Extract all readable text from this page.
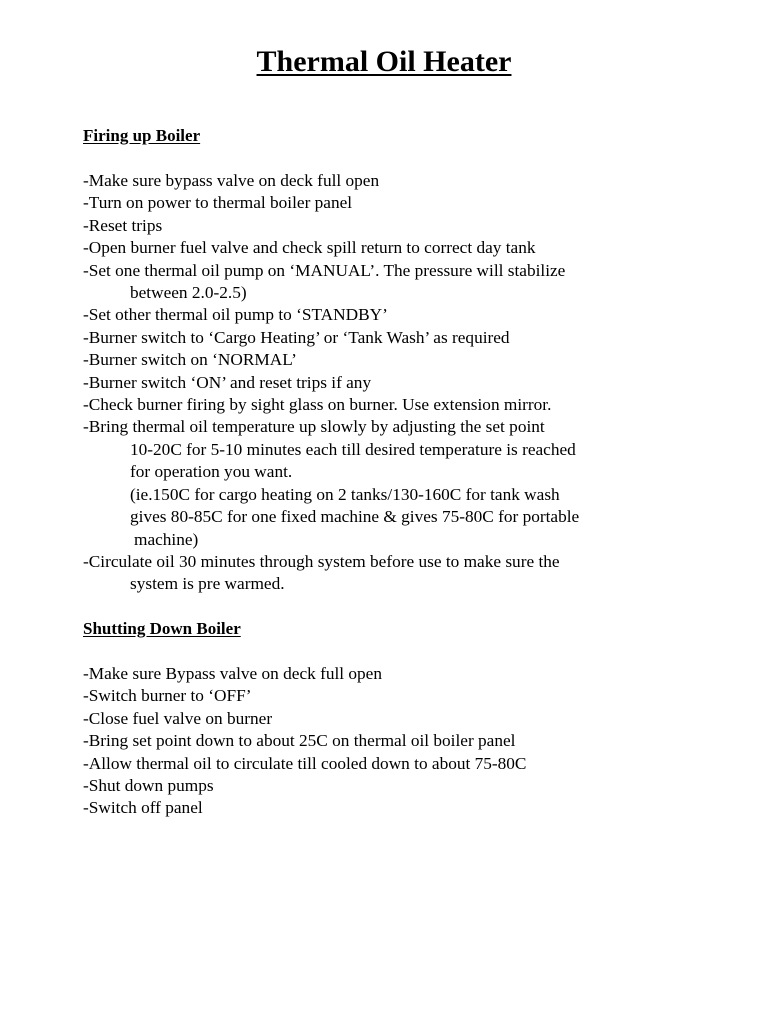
Thermal Oil Heater
Firing up Boiler
-Make sure bypass valve on deck full open
-Turn on power to thermal boiler panel
-Reset trips
-Open burner fuel valve and check spill return to correct day tank
-Set one thermal oil pump on ‘MANUAL’. The pressure will stabilize
between 2.0-2.5)
-Set other thermal oil pump to ‘STANDBY’
-Burner switch to ‘Cargo Heating’ or ‘Tank Wash’ as required
-Burner switch on ‘NORMAL’
-Burner switch ‘ON’ and reset trips if any
-Check burner firing by sight glass on burner. Use extension mirror.
-Bring thermal oil temperature up slowly by adjusting the set point
10-20C for 5-10 minutes each till desired temperature is reached
for operation you want.
(ie.150C for cargo heating on 2 tanks/130-160C for tank wash
gives 80-85C for one fixed machine & gives 75-80C for portable
machine)
-Circulate oil 30 minutes through system before use to make sure the
system is pre warmed.
Shutting Down Boiler
-Make sure Bypass valve on deck full open
-Switch burner to ‘OFF’
-Close fuel valve on burner
-Bring set point down to about 25C on thermal oil boiler panel
-Allow thermal oil to circulate till cooled down to about 75-80C
-Shut down pumps
-Switch off panel
